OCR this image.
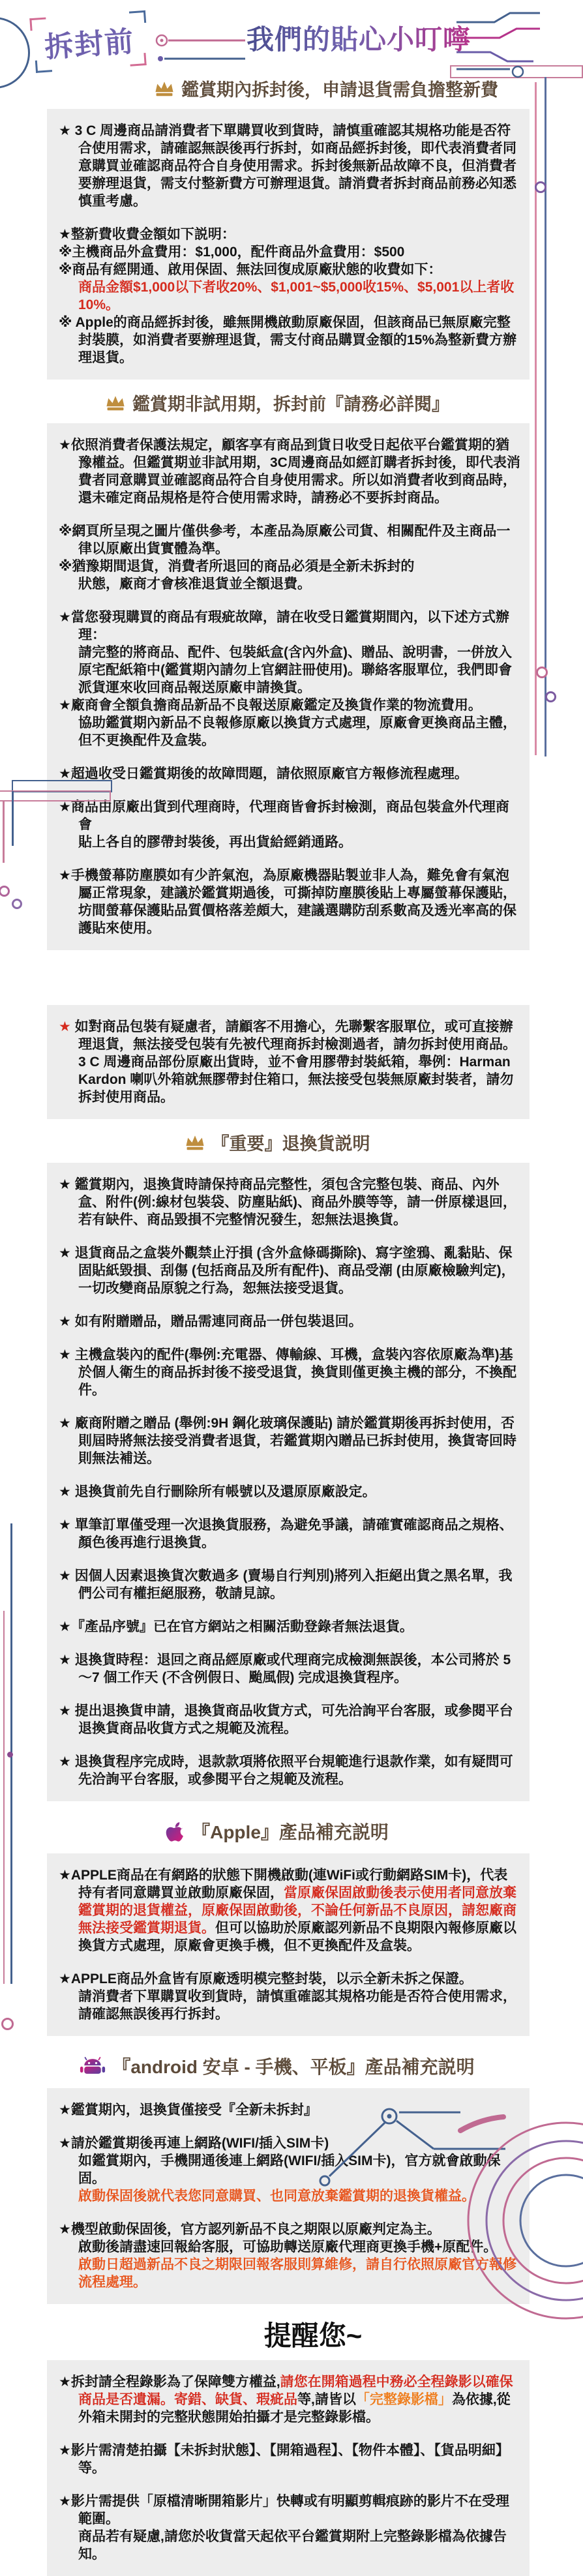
拆封前	我們的貼心小叮嚀
鑑賞期內拆封後，申請退貨需負擔整新費

★ 3 C 周邊商品請消費者下單購買收到貨時，請慎重確認其規格功能是否符合使用需求，請確認無誤後再行拆封，如商品經拆封後，即代表消費者同意購買並確認商品符合自身使用需求。拆封後無新品故障不良，但消費者要辦理退貨，需支付整新費方可辦理退貨。請消費者拆封商品前務必知悉慎重考慮。

★整新費收費金額如下説明：

※主機商品外盒費用：$1,000，配件商品外盒費用：$500

※商品有經開通、啟用保固、無法回復成原廠狀態的收費如下：
商品金額$1,000以下者收20%、$1,001~$5,000收15%、$5,001以上者收10%。

※ Apple的商品經拆封後，雖無開機啟動原廠保固，但該商品已無原廠完整封裝膜，如消費者要辦理退貨，需支付商品購買金額的15%為整新費方辦理退貨。

鑑賞期非試用期，拆封前『請務必詳閱』

★依照消費者保護法規定，顧客享有商品到貨日收受日起依平台鑑賞期的猶豫權益。但鑑賞期並非試用期，3C周邊商品如經訂購者拆封後，即代表消費者同意購買並確認商品符合自身使用需求。所以如消費者收到商品時，還未確定商品規格是符合使用需求時，請務必不要拆封商品。

※網頁所呈現之圖片僅供參考，本產品為原廠公司貨、相關配件及主商品一律以原廠出貨實體為準。

※猶豫期間退貨，消費者所退回的商品必須是全新未拆封的
狀態，廠商才會核准退貨並全額退費。

★當您發現購買的商品有瑕疵故障，請在收受日鑑賞期間內，以下述方式辦理：
請完整的將商品、配件、包裝紙盒(含內外盒)、贈品、說明書，一併放入原宅配紙箱中(鑑賞期內請勿上官網註冊使用)。聯絡客服單位，我們即會派貨運來收回商品報送原廠申請換貨。

★廠商會全額負擔商品新品不良報送原廠鑑定及換貨作業的物流費用。
協助鑑賞期內新品不良報修原廠以換貨方式處理，原廠會更換商品主體，但不更換配件及盒裝。

★超過收受日鑑賞期後的故障問題，請依照原廠官方報修流程處理。

★商品由原廠出貨到代理商時，代理商皆會拆封檢測，商品包裝盒外代理商會
貼上各自的膠帶封裝後，再出貨給經銷通路。

★手機螢幕防塵膜如有少許氣泡，為原廠機器貼製並非人為，難免會有氣泡屬正常現象，建議於鑑賞期過後，可撕掉防塵膜後貼上專屬螢幕保護貼，坊間螢幕保護貼品質價格落差頗大，建議選購防刮系數高及透光率高的保護貼來使用。

★ 如對商品包裝有疑慮者，請顧客不用擔心，先聯繫客服單位，或可直接辦理退貨，無法接受包裝有先被代理商拆封檢測過者，請勿拆封使用商品。
3 C 周邊商品部份原廠出貨時，並不會用膠帶封裝紙箱，舉例：Harman Kardon 喇叭外箱就無膠帶封住箱口，無法接受包裝無原廠封裝者，請勿拆封使用商品。

『重要』退換貨説明

★ 鑑賞期內，退換貨時請保持商品完整性，須包含完整包裝、商品、內外盒、附件(例:線材包裝袋、防塵貼紙)、商品外膜等等，請一併原樣退回，若有缺件、商品毀損不完整情況發生，恕無法退換貨。

★ 退貨商品之盒裝外觀禁止汙損 (含外盒條碼撕除)、寫字塗鴉、亂黏貼、保固貼紙毀損、刮傷 (包括商品及所有配件)、商品受潮 (由原廠檢驗判定)，一切改變商品原貌之行為，恕無法接受退貨。

★ 如有附贈贈品，贈品需連同商品一併包裝退回。

★ 主機盒裝內的配件(舉例:充電器、傳輸線、耳機，盒裝內容依原廠為準)基於個人衛生的商品拆封後不接受退貨，換貨則僅更換主機的部分，不換配件。

★ 廠商附贈之贈品 (舉例:9H 鋼化玻璃保護貼) 請於鑑賞期後再拆封使用，否則屆時將無法接受消費者退貨，若鑑賞期內贈品已拆封使用，換貨寄回時則無法補送。

★ 退換貨前先自行刪除所有帳號以及還原原廠設定。

★ 單筆訂單僅受理一次退換貨服務，為避免爭議，請確實確認商品之規格、顏色後再進行退換貨。

★ 因個人因素退換貨次數過多 (賣場自行判別)將列入拒絕出貨之黑名單，我們公司有權拒絕服務，敬請見諒。

★『產品序號』已在官方網站之相關活動登錄者無法退貨。

★ 退換貨時程：退回之商品經原廠或代理商完成檢測無誤後，本公司將於 5～7 個工作天 (不含例假日、颱風假) 完成退換貨程序。

★ 提出退換貨申請，退換貨商品收貨方式，可先洽詢平台客服，或參閱平台退換貨商品收貨方式之規範及流程。

★ 退換貨程序完成時，退款款項將依照平台規範進行退款作業，如有疑問可先洽詢平台客服，或參閱平台之規範及流程。

『Apple』產品補充説明

★APPLE商品在有網路的狀態下開機啟動(連WiFi或行動網路SIM卡)，代表持有者同意購買並啟動原廠保固，當原廠保固啟動後表示使用者同意放棄鑑賞期的退貨權益，原廠保固啟動後，不論任何新品不良原因，請恕廠商無法接受鑑賞期退貨。但可以協助於原廠認列新品不良期限內報修原廠以換貨方式處理，原廠會更換手機，但不更換配件及盒裝。

★APPLE商品外盒皆有原廠透明模完整封裝，以示全新未拆之保證。
請消費者下單購買收到貨時，請慎重確認其規格功能是否符合使用需求，請確認無誤後再行拆封。

『android 安卓 - 手機、平板』產品補充説明

★鑑賞期內，退換貨僅接受『全新未拆封』

★請於鑑賞期後再連上網路(WIFI/插入SIM卡)
如鑑賞期內，手機開通後連上網路(WIFI/插入SIM卡)，官方就會啟動保固。
啟動保固後就代表您同意購買、也同意放棄鑑賞期的退換貨權益。

★機型啟動保固後，官方認列新品不良之期限以原廠判定為主。
啟動後請盡速回報給客服，可協助轉送原廠代理商更換手機+原配件。
啟動日超過新品不良之期限回報客服則算維修，請自行依照原廠官方報修流程處理。

提醒您~

★拆封請全程錄影為了保障雙方權益,請您在開箱過程中務必全程錄影以確保商品是否遺漏。寄錯、缺貨、瑕疵品等,請皆以「完整錄影檔」為依據,從外箱未開封的完整狀態開始拍攝才是完整錄影檔。

★影片需清楚拍攝【未拆封狀態】、【開箱過程】、【物件本體】、【貨品明細】等。

★影片需提供「原檔清晰開箱影片」快轉或有明顯剪輯痕跡的影片不在受理範圍。
商品若有疑慮,請您於收貨當天起依平台鑑賞期附上完整錄影檔為依據告知。
